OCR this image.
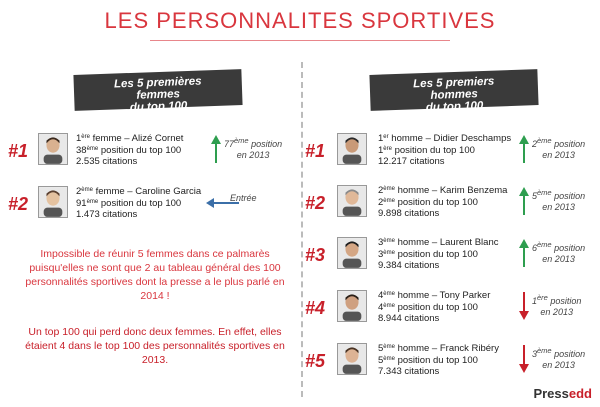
LES PERSONNALITES SPORTIVES
Les 5 premières
femmes
du top 100
Les 5 premiers
hommes
du top 100
#1
1ère femme – Alizé Cornet
38ème position du top 100
2.535 citations
77ème position
en 2013
#2
2ème femme – Caroline Garcia
91ème position du top 100
1.473 citations
Entrée
#1
1er homme – Didier Deschamps
1ère position du top 100
12.217 citations
2ème position
en 2013
#2
2ème homme – Karim Benzema
2ème position du top 100
9.898 citations
5ème position
en 2013
#3
3ème homme – Laurent Blanc
3ème position du top 100
9.384 citations
6ème position
en 2013
#4
4ème homme – Tony Parker
4ème position du top 100
8.944 citations
1ère position
en 2013
#5
5ème homme – Franck Ribéry
5ème position du top 100
7.343 citations
3ème position
en 2013
Impossible de réunir 5 femmes dans ce palmarès puisqu'elles ne sont que 2 au tableau général des 100 personnalités sportives dont la presse a le plus parlé en 2014 !
Un top 100 qui perd donc deux femmes. En effet, elles étaient 4 dans le top 100 des personnalités sportives en 2013.
Pressedd
